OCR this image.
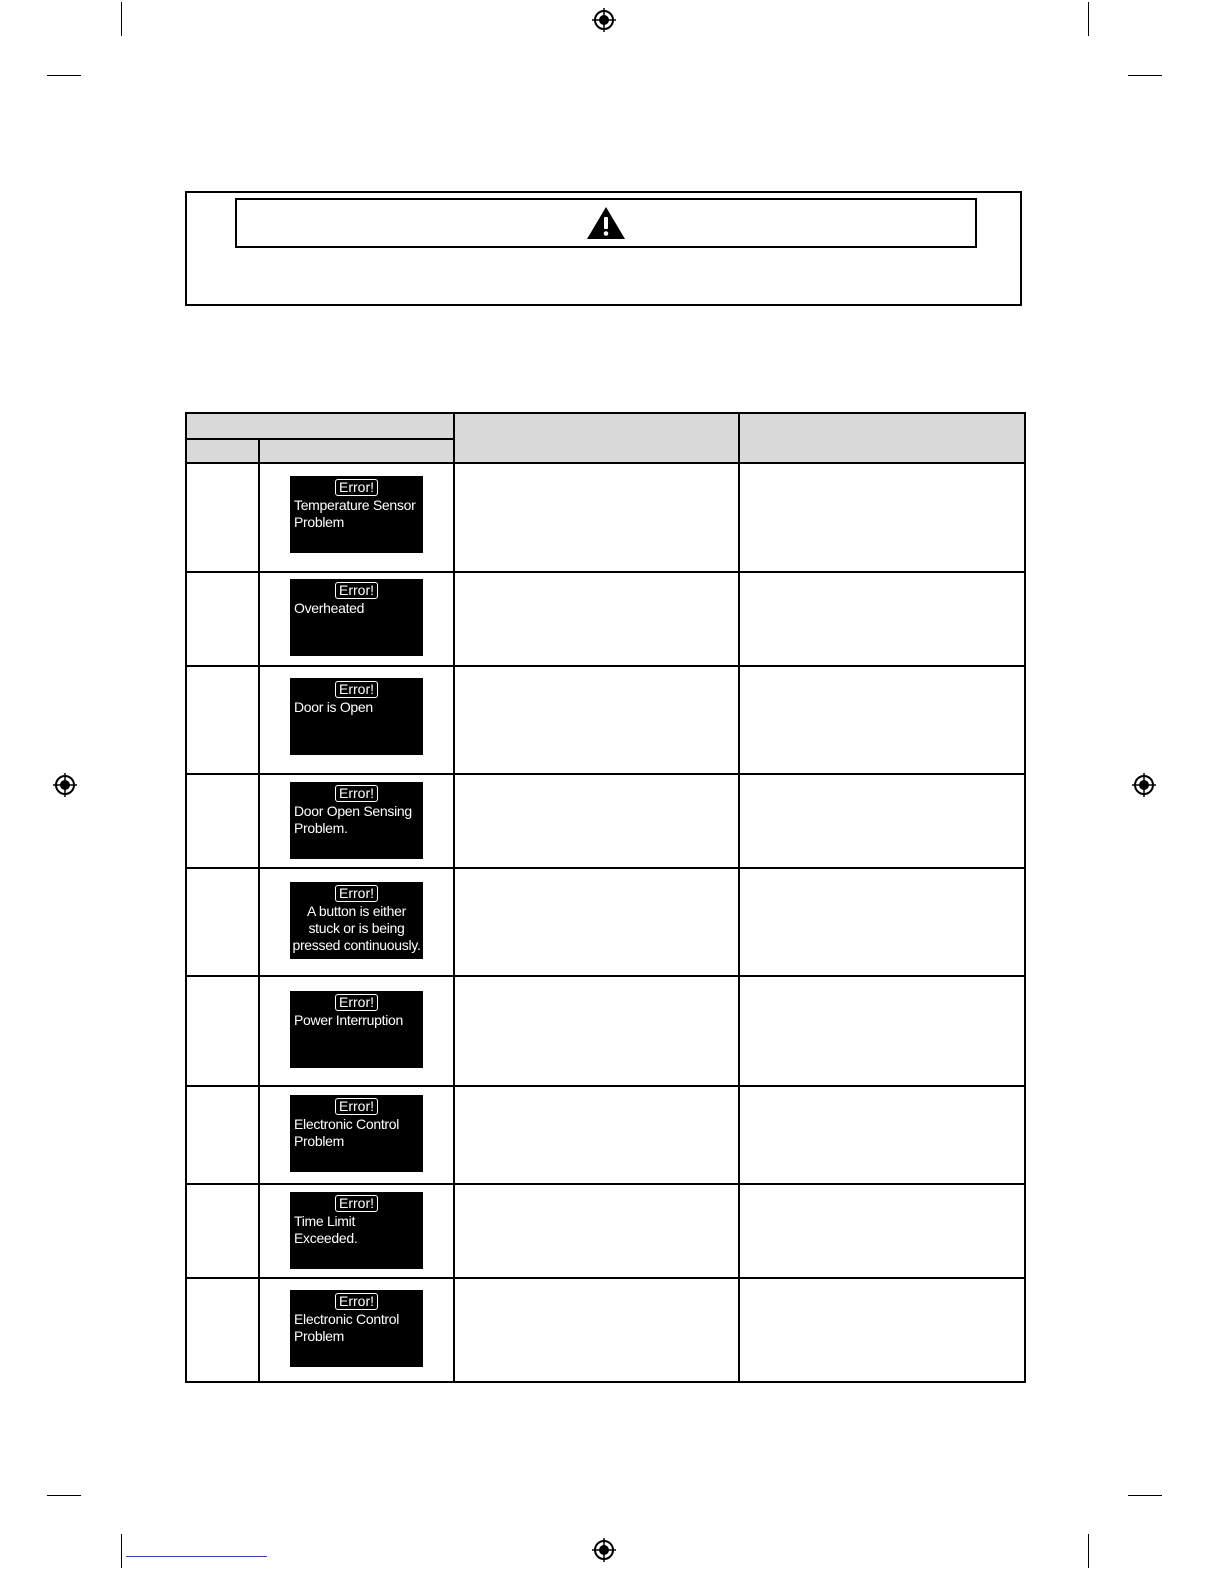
	Error!
Temperature Sensor
Problem		

	Error!
Overheated		

	Error!
Door is Open		

	Error!
Door Open Sensing
Problem.		

	Error!
A button is either
stuck or is being
pressed continuously.		

	Error!
Power Interruption		

	Error!
Electronic Control
Problem		

	Error!
Time Limit Exceeded.		

	Error!
Electronic Control
Problem		
